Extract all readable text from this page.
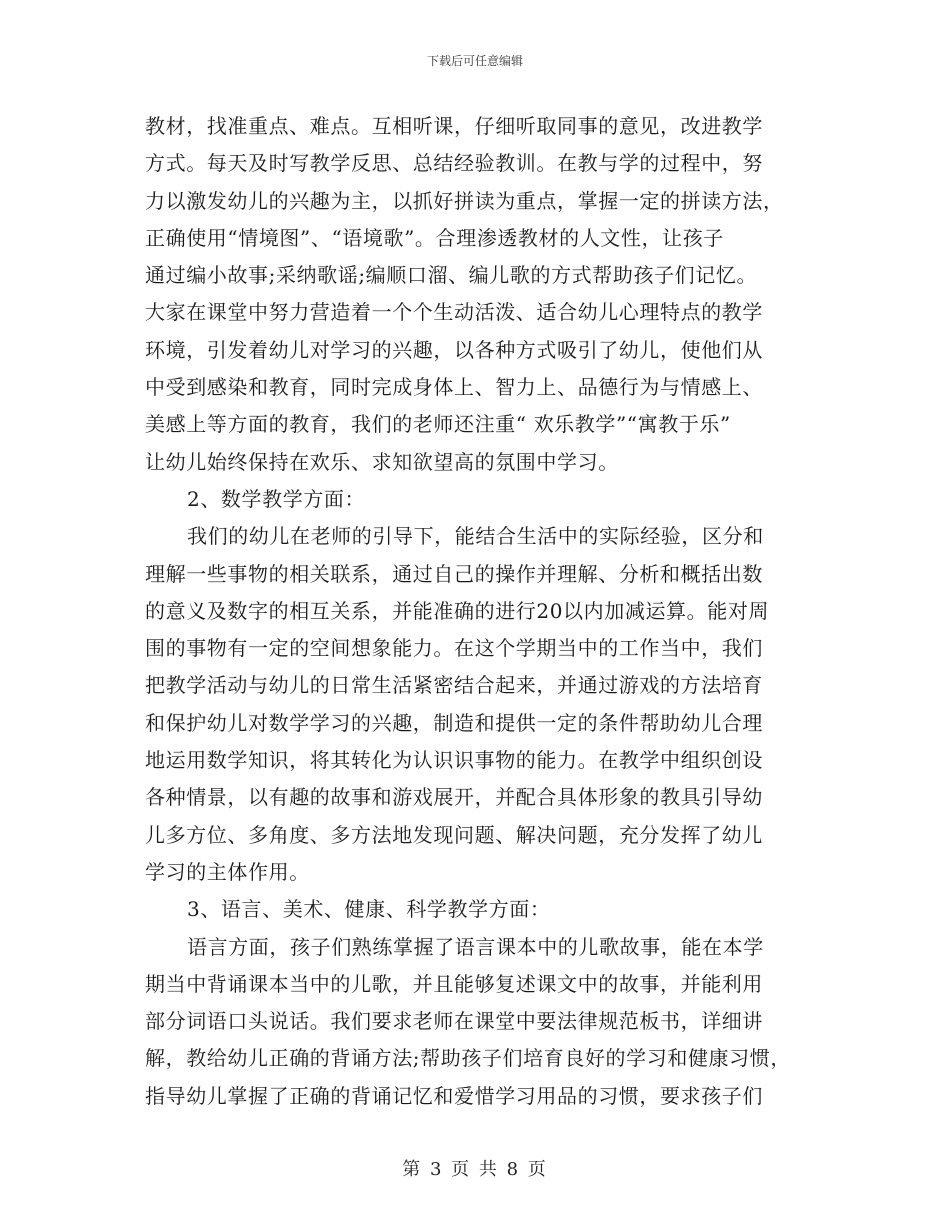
下载后可任意编辑
教材，找准重点、难点。互相听课，仔细听取同事的意见，改进教学
方式。每天及时写教学反思、总结经验教训。在教与学的过程中，努
力以激发幼儿的兴趣为主，以抓好拼读为重点，掌握一定的拼读方法，
正确使用“情境图”、“语境歌”。合理渗透教材的人文性，让孩子
通过编小故事;采纳歌谣;编顺口溜、编儿歌的方式帮助孩子们记忆。
大家在课堂中努力营造着一个个生动活泼、适合幼儿心理特点的教学
环境，引发着幼儿对学习的兴趣，以各种方式吸引了幼儿，使他们从
中受到感染和教育，同时完成身体上、智力上、品德行为与情感上、
美感上等方面的教育，我们的老师还注重“ 欢乐教学”“寓教于乐”
让幼儿始终保持在欢乐、求知欲望高的氛围中学习。
2、数学教学方面：
我们的幼儿在老师的引导下，能结合生活中的实际经验，区分和
理解一些事物的相关联系，通过自己的操作并理解、分析和概括出数
的意义及数字的相互关系，并能准确的进行20以内加减运算。能对周
围的事物有一定的空间想象能力。在这个学期当中的工作当中，我们
把教学活动与幼儿的日常生活紧密结合起来，并通过游戏的方法培育
和保护幼儿对数学学习的兴趣，制造和提供一定的条件帮助幼儿合理
地运用数学知识，将其转化为认识识事物的能力。在教学中组织创设
各种情景，以有趣的故事和游戏展开，并配合具体形象的教具引导幼
儿多方位、多角度、多方法地发现问题、解决问题，充分发挥了幼儿
学习的主体作用。
3、语言、美术、健康、科学教学方面：
语言方面，孩子们熟练掌握了语言课本中的儿歌故事，能在本学
期当中背诵课本当中的儿歌，并且能够复述课文中的故事，并能利用
部分词语口头说话。我们要求老师在课堂中要法律规范板书，详细讲
解，教给幼儿正确的背诵方法;帮助孩子们培育良好的学习和健康习惯，
指导幼儿掌握了正确的背诵记忆和爱惜学习用品的习惯，要求孩子们
第 3 页 共 8 页
